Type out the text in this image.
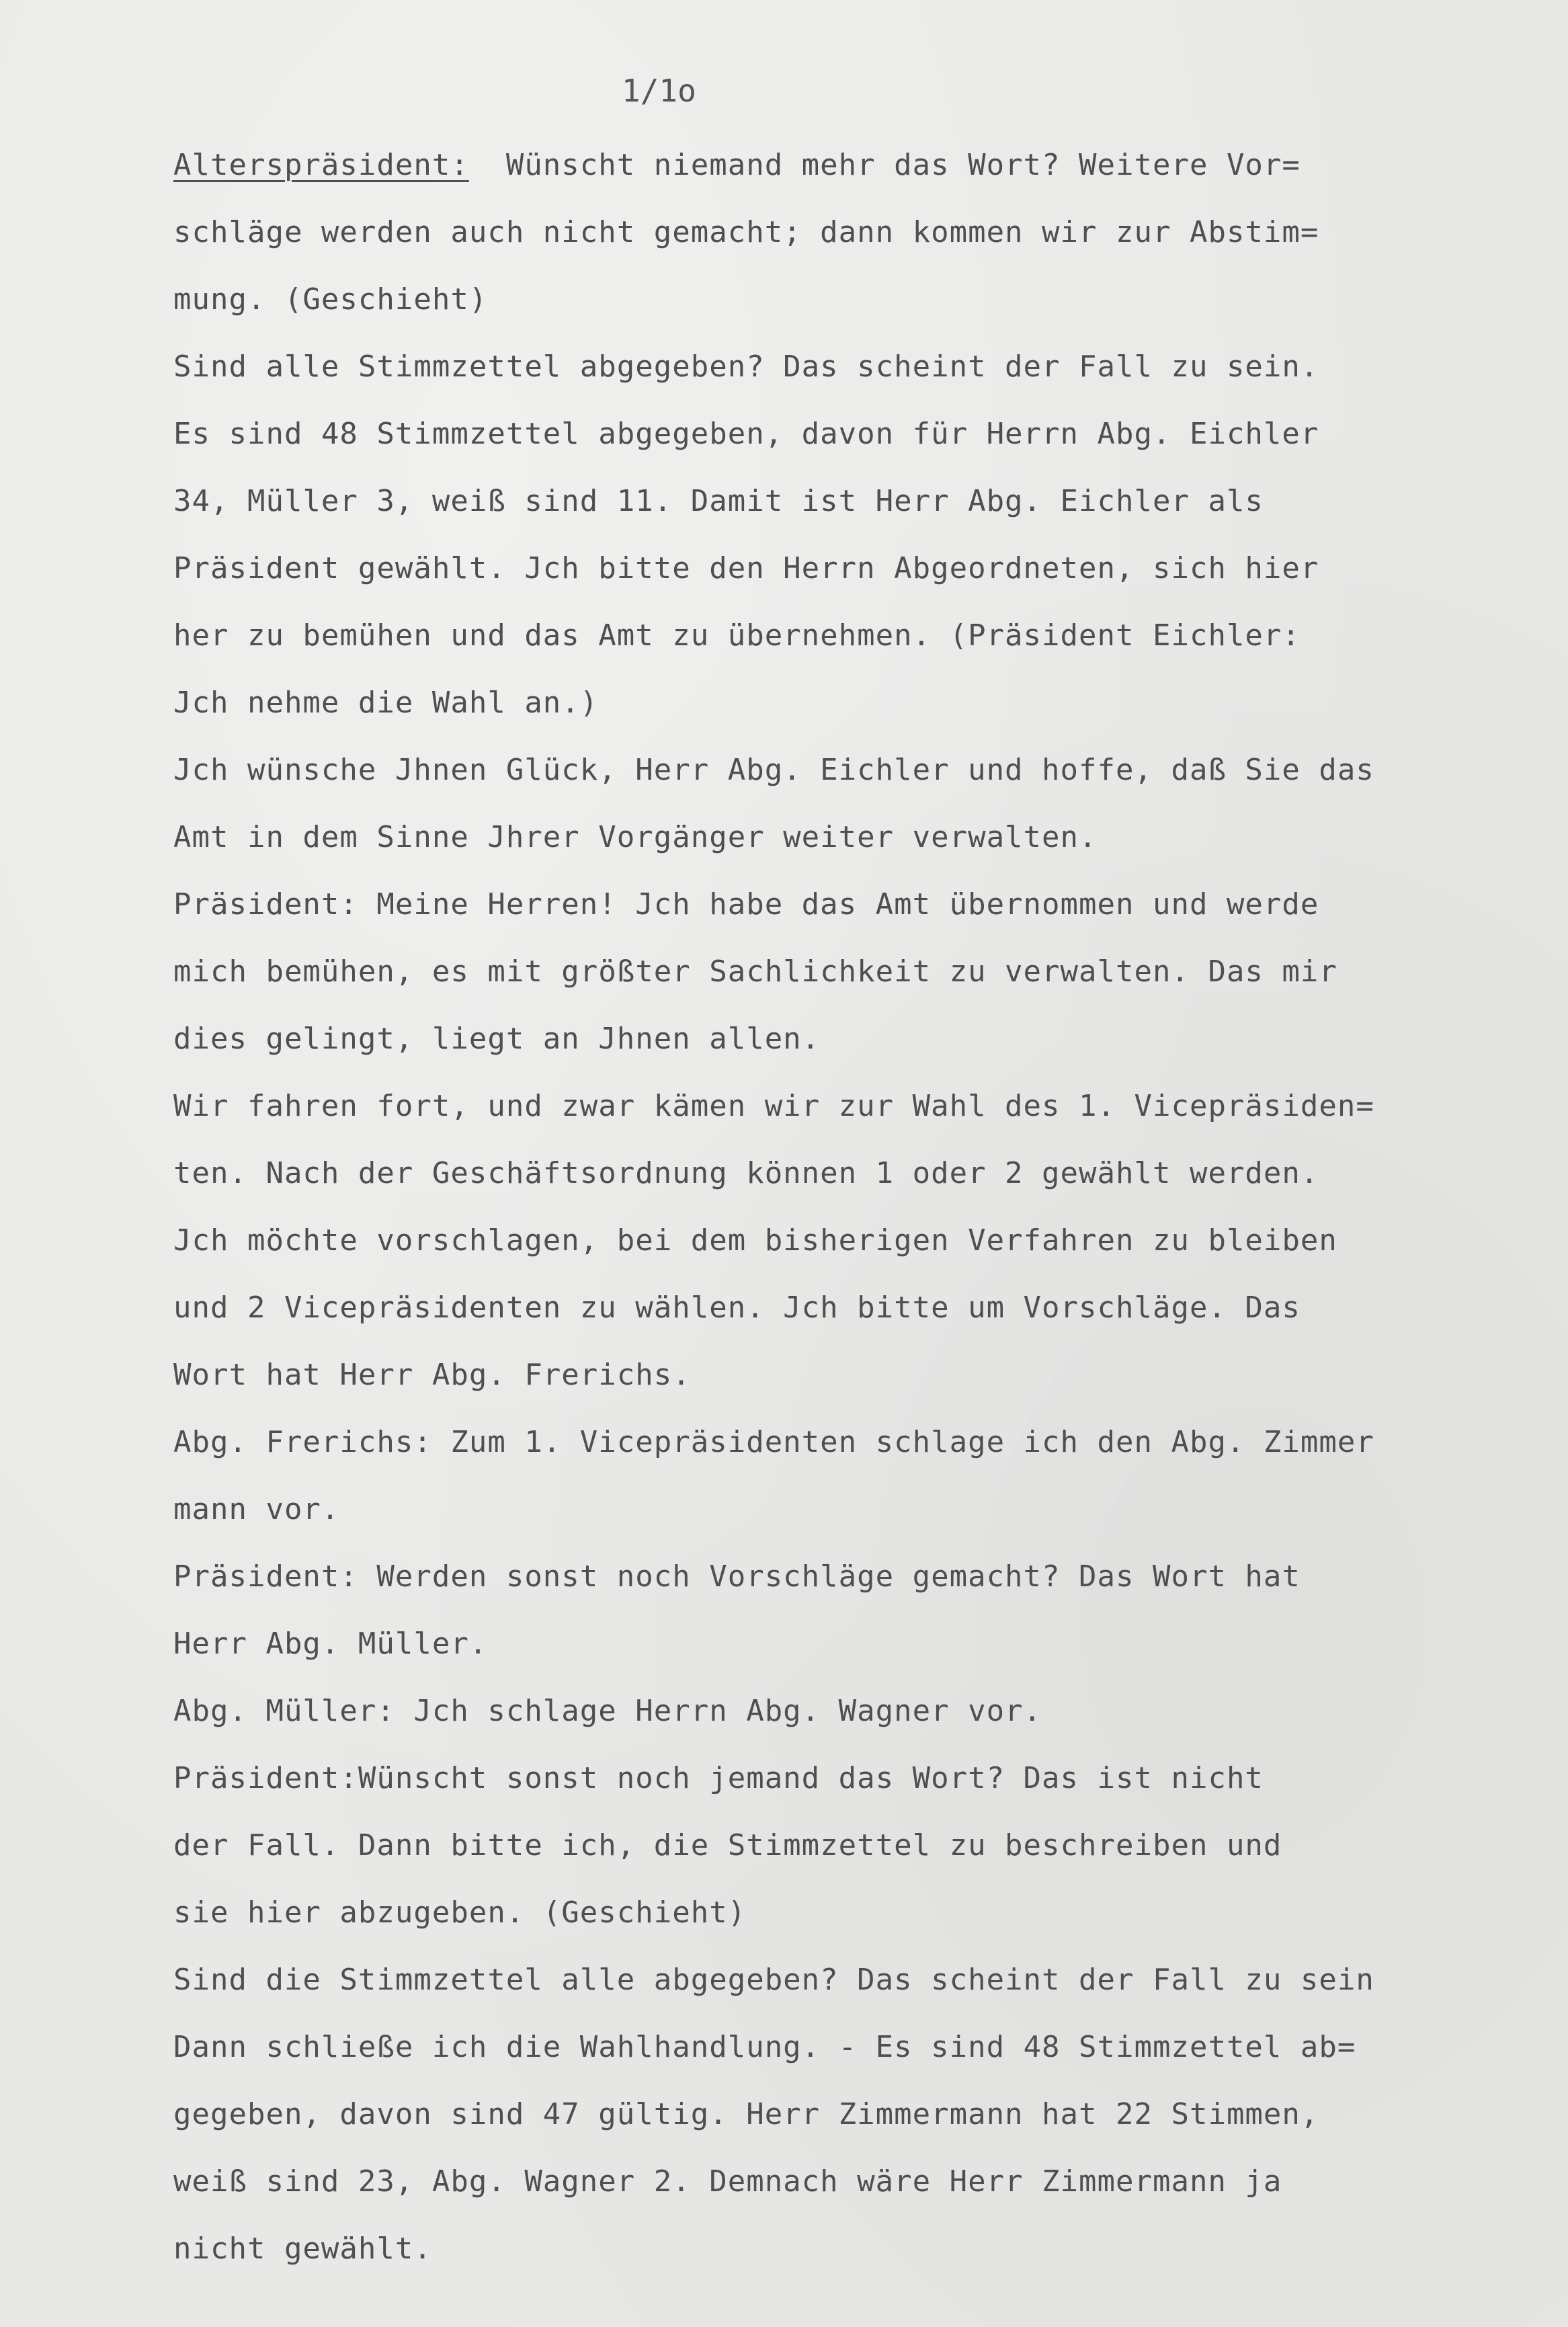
1/1o

Alterspräsident:  Wünscht niemand mehr das Wort? Weitere Vor=
schläge werden auch nicht gemacht; dann kommen wir zur Abstim=
mung. (Geschieht)
Sind alle Stimmzettel abgegeben? Das scheint der Fall zu sein.
Es sind 48 Stimmzettel abgegeben, davon für Herrn Abg. Eichler
34, Müller 3, weiß sind 11. Damit ist Herr Abg. Eichler als
Präsident gewählt. Jch bitte den Herrn Abgeordneten, sich hier
her zu bemühen und das Amt zu übernehmen. (Präsident Eichler:
Jch nehme die Wahl an.)
Jch wünsche Jhnen Glück, Herr Abg. Eichler und hoffe, daß Sie das
Amt in dem Sinne Jhrer Vorgänger weiter verwalten.
Präsident: Meine Herren! Jch habe das Amt übernommen und werde
mich bemühen, es mit größter Sachlichkeit zu verwalten. Das mir
dies gelingt, liegt an Jhnen allen.
Wir fahren fort, und zwar kämen wir zur Wahl des 1. Vicepräsiden=
ten. Nach der Geschäftsordnung können 1 oder 2 gewählt werden.
Jch möchte vorschlagen, bei dem bisherigen Verfahren zu bleiben
und 2 Vicepräsidenten zu wählen. Jch bitte um Vorschläge. Das
Wort hat Herr Abg. Frerichs.
Abg. Frerichs: Zum 1. Vicepräsidenten schlage ich den Abg. Zimmer
mann vor.
Präsident: Werden sonst noch Vorschläge gemacht? Das Wort hat
Herr Abg. Müller.
Abg. Müller: Jch schlage Herrn Abg. Wagner vor.
Präsident:Wünscht sonst noch jemand das Wort? Das ist nicht
der Fall. Dann bitte ich, die Stimmzettel zu beschreiben und
sie hier abzugeben. (Geschieht)
Sind die Stimmzettel alle abgegeben? Das scheint der Fall zu sein
Dann schließe ich die Wahlhandlung. - Es sind 48 Stimmzettel ab=
gegeben, davon sind 47 gültig. Herr Zimmermann hat 22 Stimmen,
weiß sind 23, Abg. Wagner 2. Demnach wäre Herr Zimmermann ja
nicht gewählt.
